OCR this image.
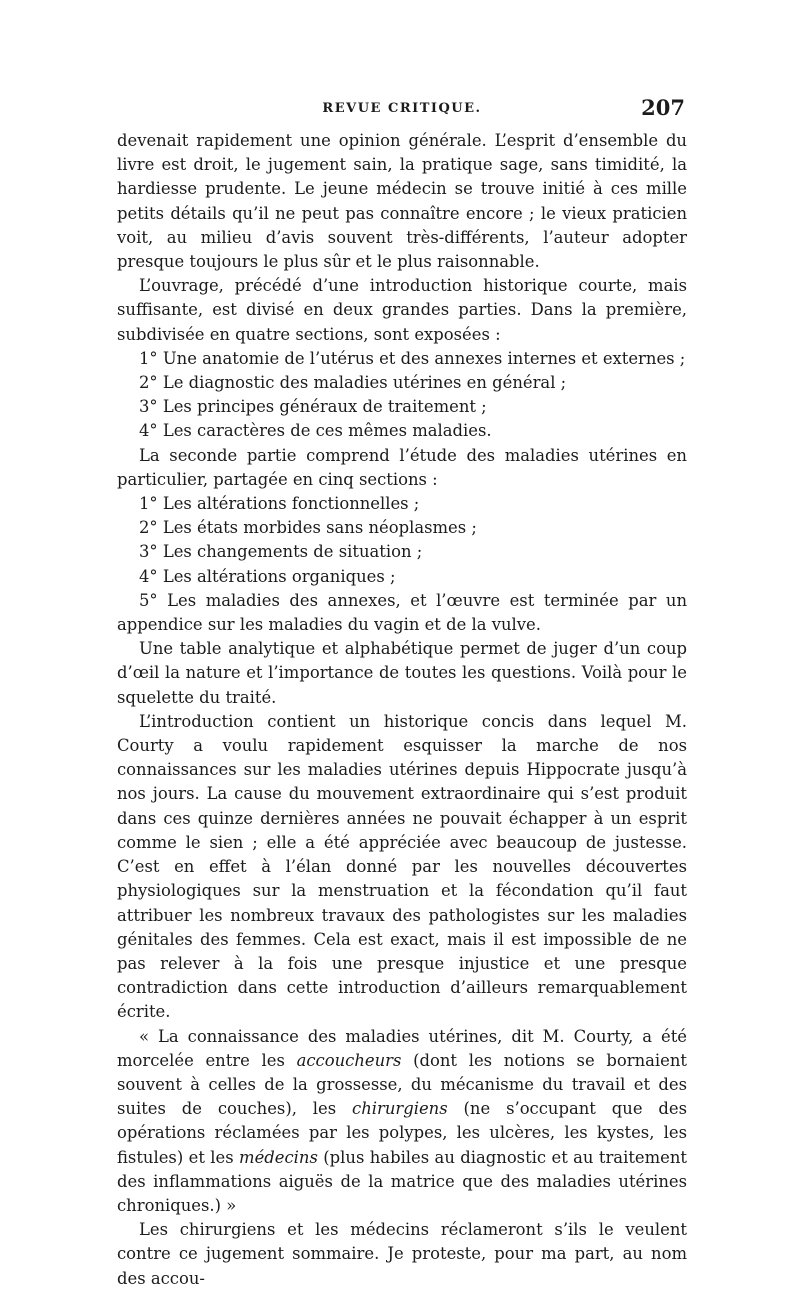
REVUE CRITIQUE.	207

devenait rapidement une opinion générale. L’esprit d’ensemble du livre est droit, le jugement sain, la pratique sage, sans timidité, la hardiesse prudente. Le jeune médecin se trouve initié à ces mille petits détails qu’il ne peut pas connaître encore ; le vieux praticien voit, au milieu d’avis souvent très-différents, l’auteur adopter presque toujours le plus sûr et le plus raisonnable.

L’ouvrage, précédé d’une introduction historique courte, mais suffisante, est divisé en deux grandes parties. Dans la première, subdivisée en quatre sections, sont exposées :

1° Une anatomie de l’utérus et des annexes internes et externes ;

2° Le diagnostic des maladies utérines en général ;

3° Les principes généraux de traitement ;

4° Les caractères de ces mêmes maladies.

La seconde partie comprend l’étude des maladies utérines en particulier, partagée en cinq sections :

1° Les altérations fonctionnelles ;

2° Les états morbides sans néoplasmes ;

3° Les changements de situation ;

4° Les altérations organiques ;

5° Les maladies des annexes, et l’œuvre est terminée par un appendice sur les maladies du vagin et de la vulve.

Une table analytique et alphabétique permet de juger d’un coup d’œil la nature et l’importance de toutes les questions. Voilà pour le squelette du traité.

L’introduction contient un historique concis dans lequel M. Courty a voulu rapidement esquisser la marche de nos connaissances sur les maladies utérines depuis Hippocrate jusqu’à nos jours. La cause du mouvement extraordinaire qui s’est produit dans ces quinze dernières années ne pouvait échapper à un esprit comme le sien ; elle a été appréciée avec beaucoup de justesse. C’est en effet à l’élan donné par les nouvelles découvertes physiologiques sur la menstruation et la fécondation qu’il faut attribuer les nombreux travaux des pathologistes sur les maladies génitales des femmes. Cela est exact, mais il est impossible de ne pas relever à la fois une presque injustice et une presque contradiction dans cette introduction d’ailleurs remarquablement écrite.

« La connaissance des maladies utérines, dit M. Courty, a été morcelée entre les accoucheurs (dont les notions se bornaient souvent à celles de la grossesse, du mécanisme du travail et des suites de couches), les chirurgiens (ne s’occupant que des opérations réclamées par les polypes, les ulcères, les kystes, les fistules) et les médecins (plus habiles au diagnostic et au traitement des inflammations aiguës de la matrice que des maladies utérines chroniques.) »

Les chirurgiens et les médecins réclameront s’ils le veulent contre ce jugement sommaire. Je proteste, pour ma part, au nom des accou-
